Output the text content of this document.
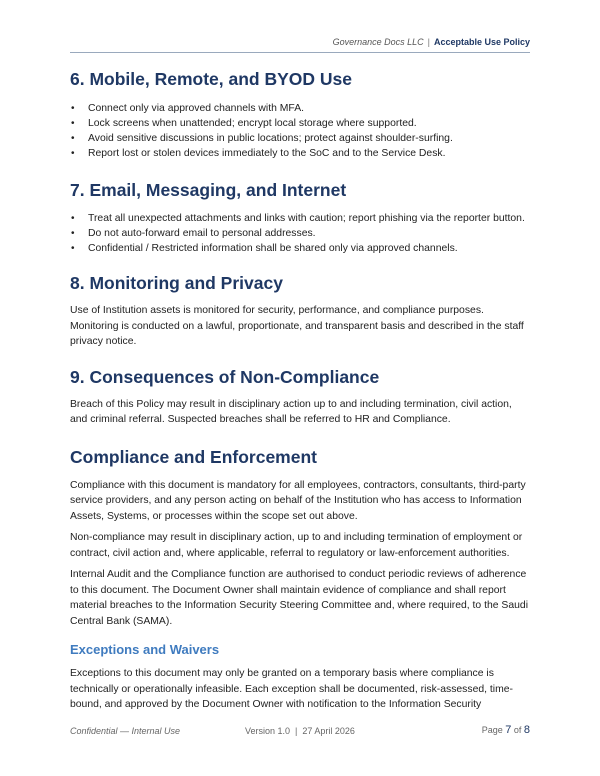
Governance Docs LLC | Acceptable Use Policy
6. Mobile, Remote, and BYOD Use
• Connect only via approved channels with MFA.
• Lock screens when unattended; encrypt local storage where supported.
• Avoid sensitive discussions in public locations; protect against shoulder-surfing.
• Report lost or stolen devices immediately to the SoC and to the Service Desk.
7. Email, Messaging, and Internet
• Treat all unexpected attachments and links with caution; report phishing via the reporter button.
• Do not auto-forward email to personal addresses.
• Confidential / Restricted information shall be shared only via approved channels.
8. Monitoring and Privacy

Use of Institution assets is monitored for security, performance, and compliance purposes. Monitoring is conducted on a lawful, proportionate, and transparent basis and described in the staff privacy notice.

9. Consequences of Non-Compliance

Breach of this Policy may result in disciplinary action up to and including termination, civil action, and criminal referral. Suspected breaches shall be referred to HR and Compliance.

Compliance and Enforcement

Compliance with this document is mandatory for all employees, contractors, consultants, third-party service providers, and any person acting on behalf of the Institution who has access to Information Assets, Systems, or processes within the scope set out above.

Non-compliance may result in disciplinary action, up to and including termination of employment or contract, civil action and, where applicable, referral to regulatory or law-enforcement authorities.

Internal Audit and the Compliance function are authorised to conduct periodic reviews of adherence to this document. The Document Owner shall maintain evidence of compliance and shall report material breaches to the Information Security Steering Committee and, where required, to the Saudi Central Bank (SAMA).

Exceptions and Waivers

Exceptions to this document may only be granted on a temporary basis where compliance is technically or operationally infeasible. Each exception shall be documented, risk-assessed, time-bound, and approved by the Document Owner with notification to the Information Security

Confidential — Internal Use	Version 1.0  |  27 April 2026	Page 7 of 8
